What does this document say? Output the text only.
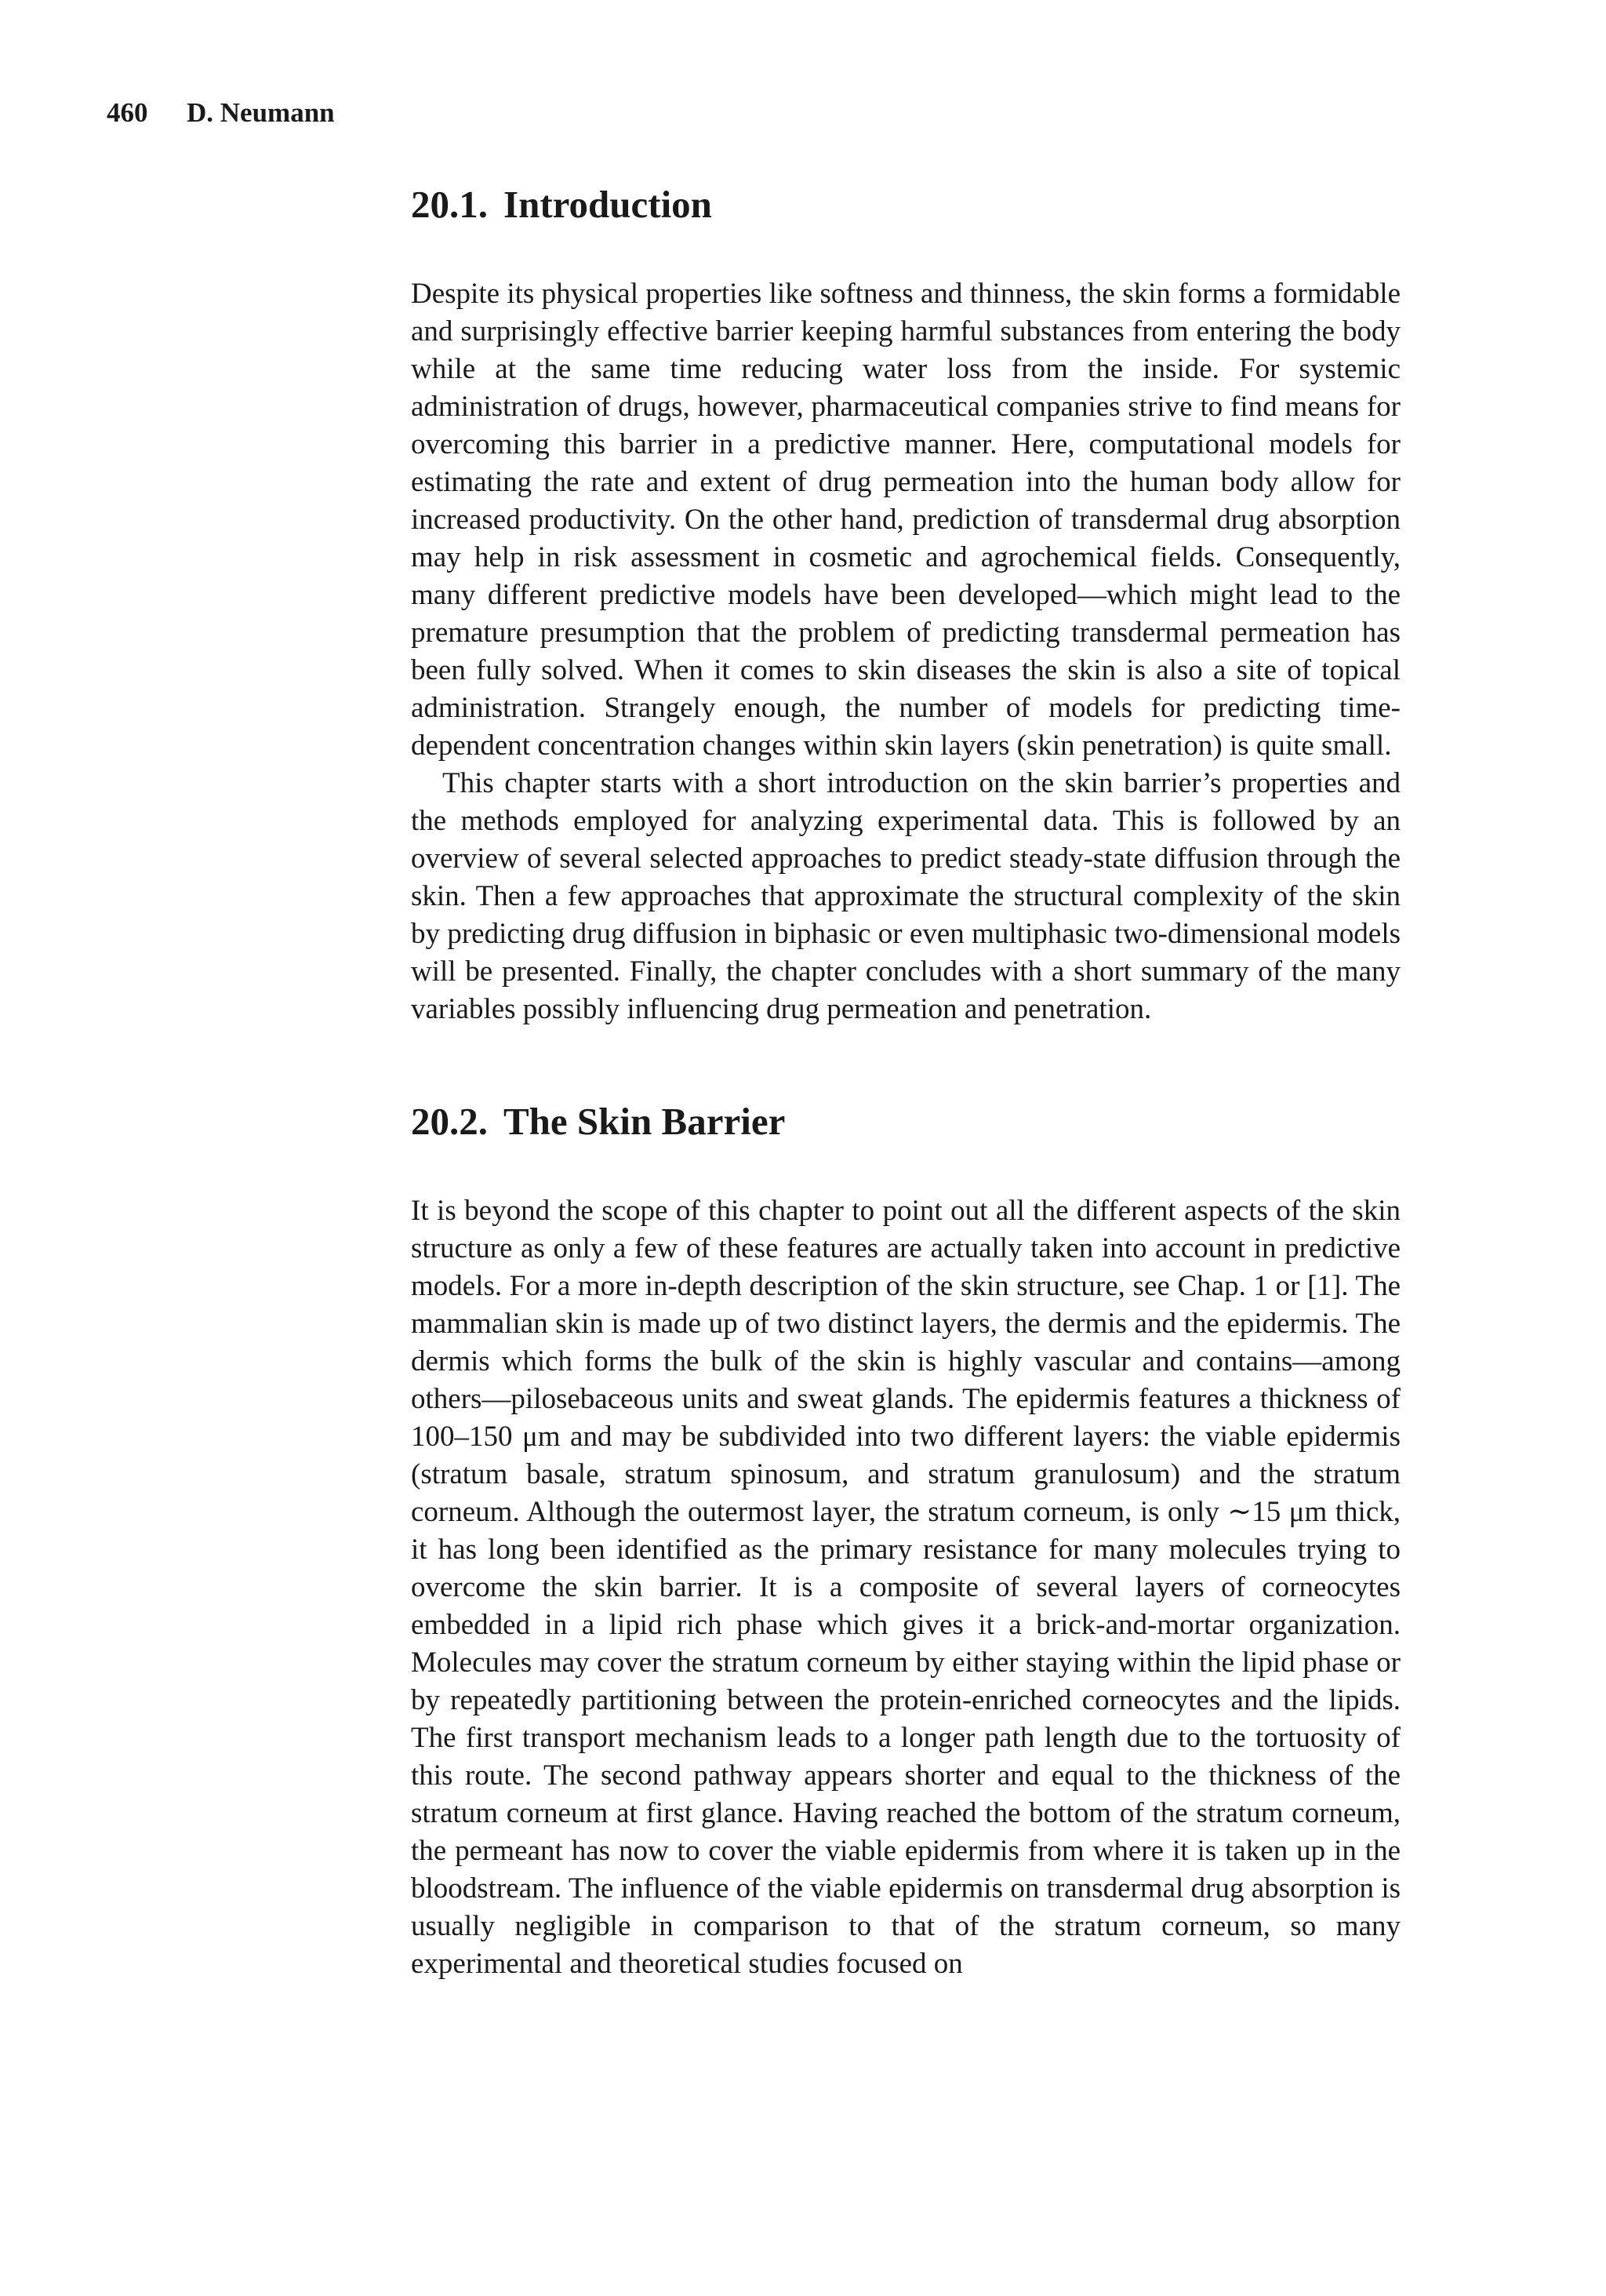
460 D. Neumann
20.1. Introduction

Despite its physical properties like softness and thinness, the skin forms a formidable and surprisingly effective barrier keeping harmful substances from entering the body while at the same time reducing water loss from the inside. For systemic administration of drugs, however, pharmaceutical companies strive to find means for overcoming this barrier in a predictive manner. Here, computational models for estimating the rate and extent of drug permeation into the human body allow for increased productivity. On the other hand, prediction of transdermal drug absorption may help in risk assessment in cosmetic and agrochemical fields. Consequently, many different predictive models have been developed—which might lead to the premature presumption that the problem of predicting transdermal permeation has been fully solved. When it comes to skin diseases the skin is also a site of topical administration. Strangely enough, the number of models for predicting time-dependent concentration changes within skin layers (skin penetration) is quite small.

This chapter starts with a short introduction on the skin barrier’s properties and the methods employed for analyzing experimental data. This is followed by an overview of several selected approaches to predict steady-state diffusion through the skin. Then a few approaches that approximate the structural complexity of the skin by predicting drug diffusion in biphasic or even multiphasic two-dimensional models will be presented. Finally, the chapter concludes with a short summary of the many variables possibly influencing drug permeation and penetration.

20.2. The Skin Barrier

It is beyond the scope of this chapter to point out all the different aspects of the skin structure as only a few of these features are actually taken into account in predictive models. For a more in-depth description of the skin structure, see Chap. 1 or [1]. The mammalian skin is made up of two distinct layers, the dermis and the epidermis. The dermis which forms the bulk of the skin is highly vascular and contains—among others—pilosebaceous units and sweat glands. The epidermis features a thickness of 100–150 μm and may be subdivided into two different layers: the viable epidermis (stratum basale, stratum spinosum, and stratum granulosum) and the stratum corneum. Although the outermost layer, the stratum corneum, is only ∼15 μm thick, it has long been identified as the primary resistance for many molecules trying to overcome the skin barrier. It is a composite of several layers of corneocytes embedded in a lipid rich phase which gives it a brick-and-mortar organization. Molecules may cover the stratum corneum by either staying within the lipid phase or by repeatedly partitioning between the protein-enriched corneocytes and the lipids. The first transport mechanism leads to a longer path length due to the tortuosity of this route. The second pathway appears shorter and equal to the thickness of the stratum corneum at first glance. Having reached the bottom of the stratum corneum, the permeant has now to cover the viable epidermis from where it is taken up in the bloodstream. The influence of the viable epidermis on transdermal drug absorption is usually negligible in comparison to that of the stratum corneum, so many experimental and theoretical studies focused on
